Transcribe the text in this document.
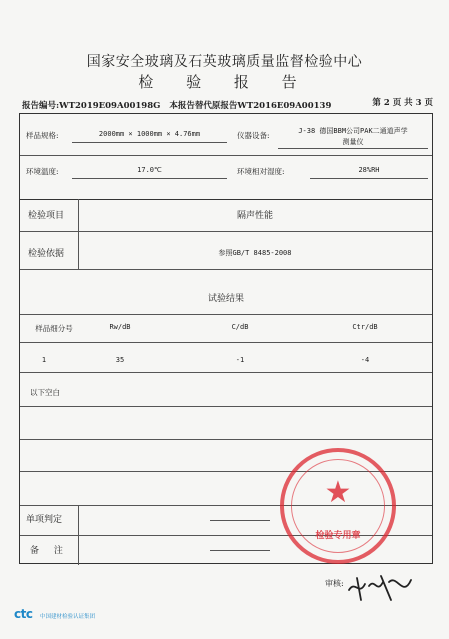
国家安全玻璃及石英玻璃质量监督检验中心
检 验 报 告
报告编号:WT2019E09A00198G 本报告替代原报告WT2016E09A00139	第 2 页 共 3 页
样品规格:	2000mm × 1000mm × 4.76mm	仪器设备:	J-38 德国BBM公司PAK二通道声学
测量仪
环境温度:	17.0℃	环境相对湿度:	28%RH
检验项目	隔声性能
检验依据	参照GB/T 8485-2008
试验结果
样品细分号	Rw/dB	C/dB	Ctr/dB
1	35	-1	-4
以下空白
单项判定
备 注
★
检验专用章
审核:
ctc 中国建材检验认证集团
